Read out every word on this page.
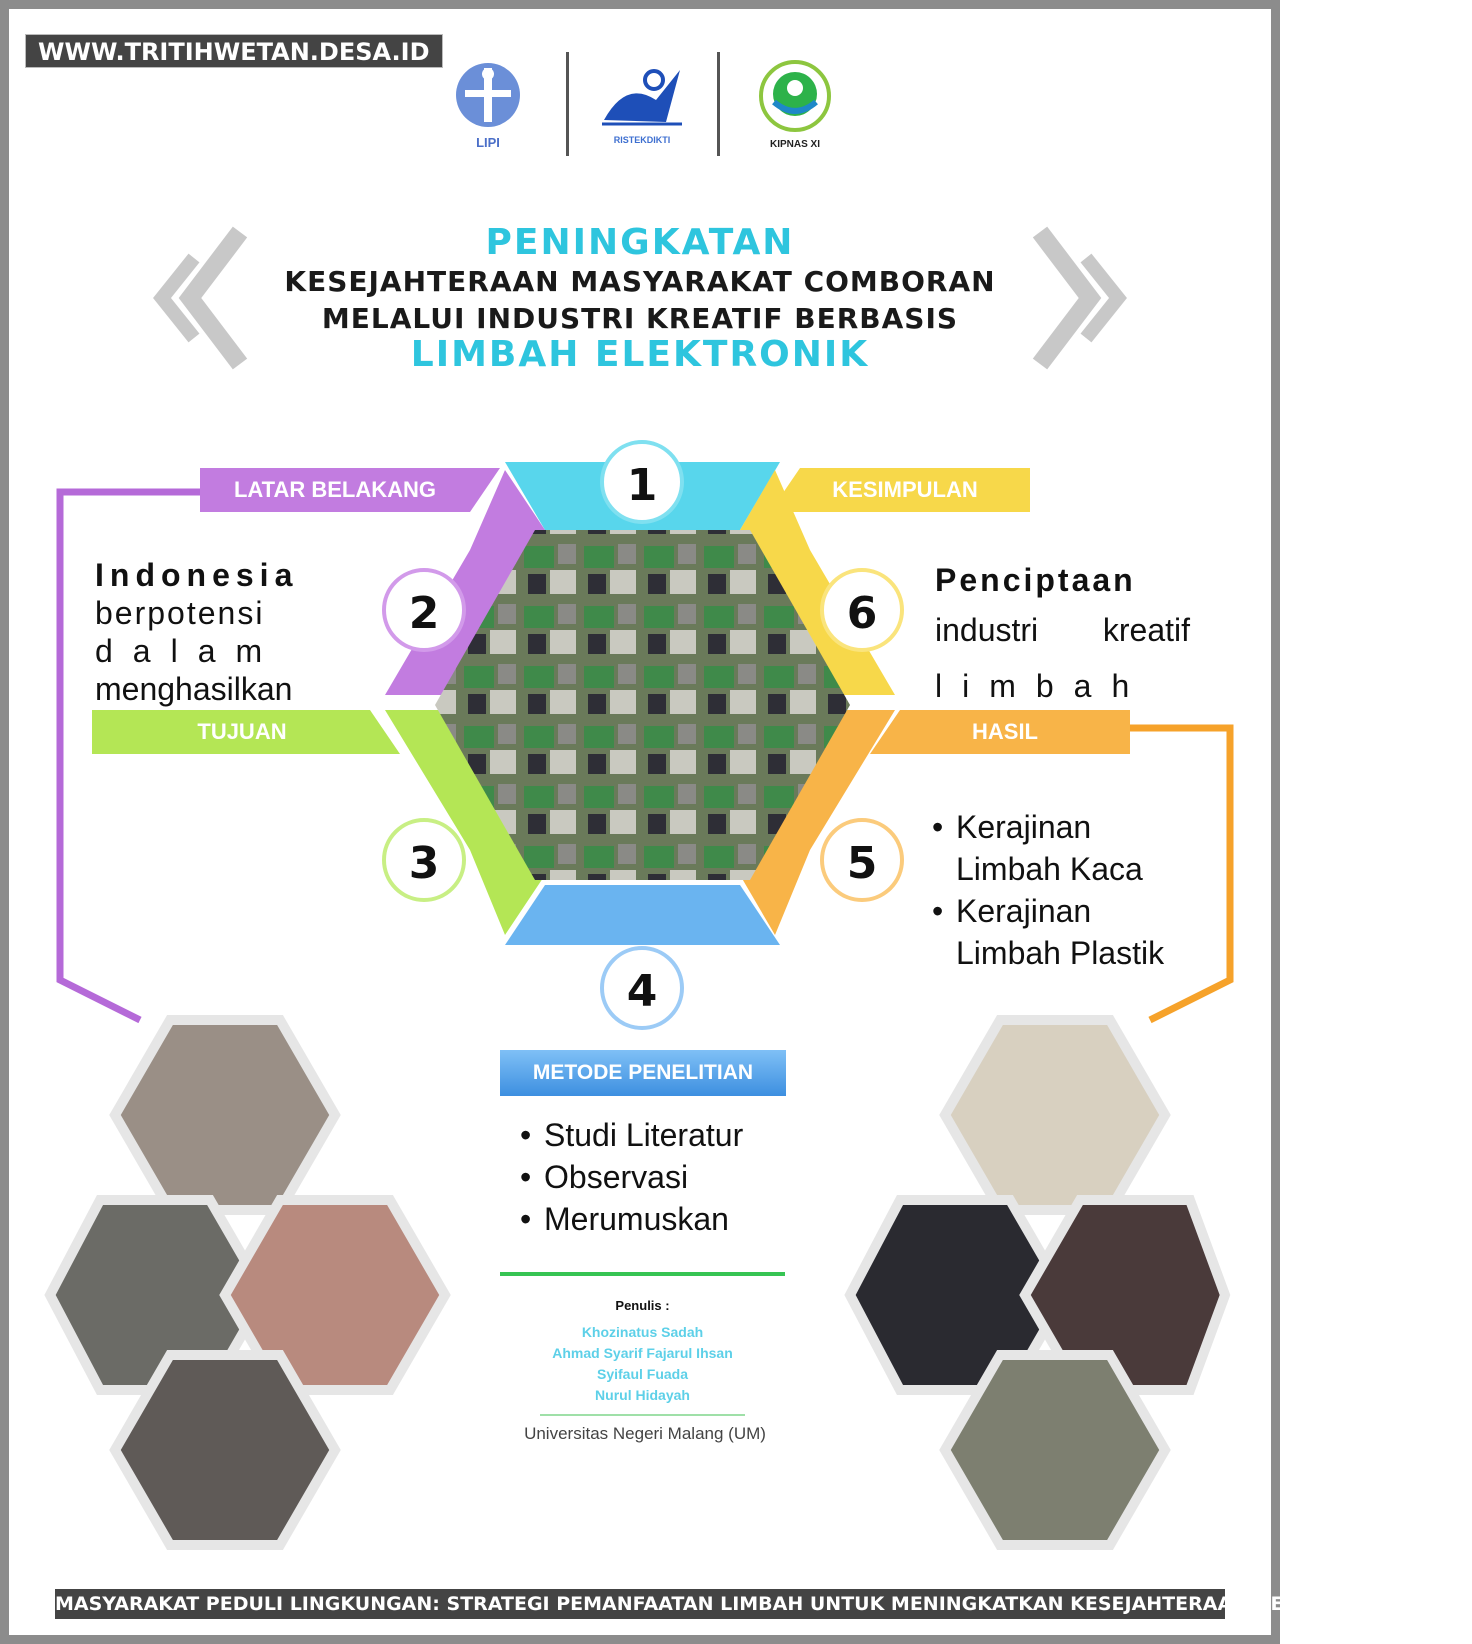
WWW.TRITIHWETAN.DESA.ID
LIPI	RISTEKDIKTI	KIPNAS XI
PENINGKATAN
KESEJAHTERAAN MASYARAKAT COMBORAN
MELALUI INDUSTRI KREATIF BERBASIS
LIMBAH ELEKTRONIK
LATAR BELAKANG
TUJUAN
KESIMPULAN
HASIL
1
2
3
4
5
6
Indonesia
berpotensi
dalam
menghasilkan
Penciptaan
industri kreatif
limbah
• Kerajinan Limbah Kaca
• Kerajinan Limbah Plastik
METODE PENELITIAN
• Studi Literatur
• Observasi
• Merumuskan
Penulis :
Khozinatus Sadah
Ahmad Syarif Fajarul Ihsan
Syifaul Fuada
Nurul Hidayah
Universitas Negeri Malang (UM)
MASYARAKAT PEDULI LINGKUNGAN: STRATEGI PEMANFAATAN LIMBAH UNTUK MENINGKATKAN KESEJAHTERAAN DESA TRITIH WETAN
